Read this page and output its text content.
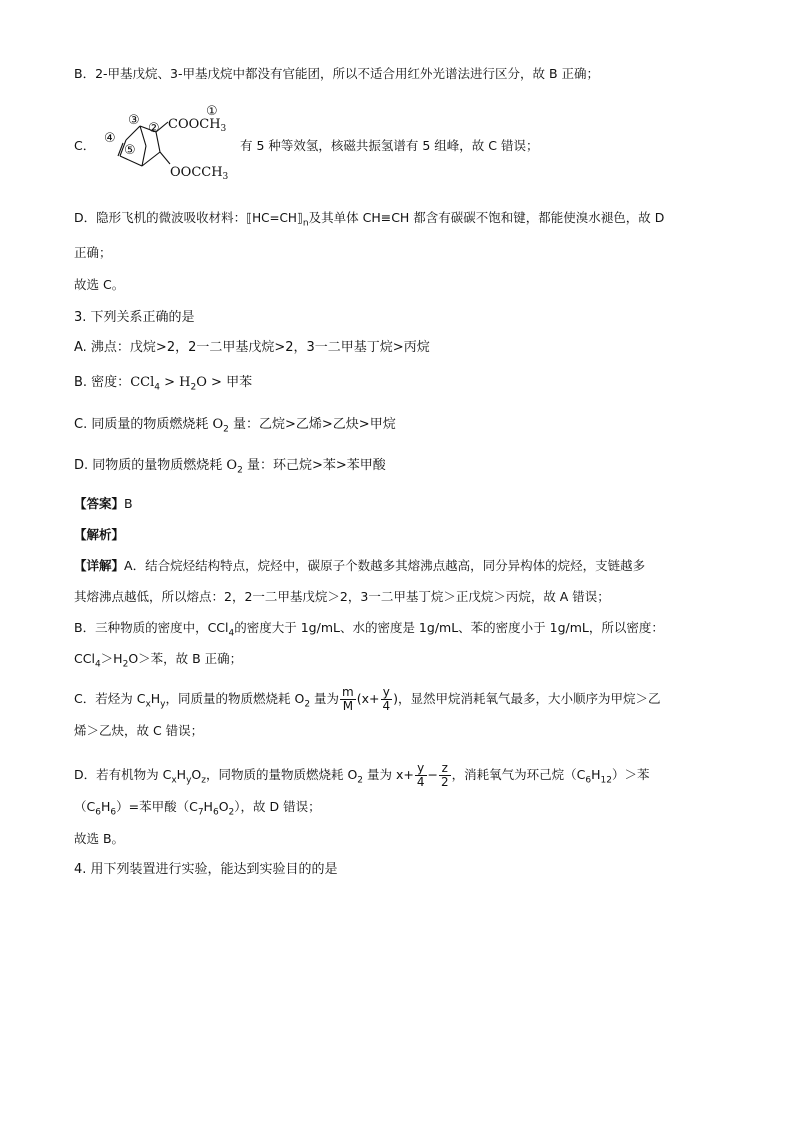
B．2-甲基戊烷、3-甲基戊烷中都没有官能团，所以不适合用红外光谱法进行区分，故 B 正确；
C．
①
②
③
④
⑤
$COOCH_3$
$OOCCH_3$
有 5 种等效氢，核磁共振氢谱有 5 组峰，故 C 错误；
D．隐形飞机的微波吸收材料：$⟦HC=CH⟧_n$及其单体 CH≡CH 都含有碳碳不饱和键，都能使溴水褪色，故 D
正确；
故选 C。
3. 下列关系正确的是
A. 沸点：戊烷>2，2一二甲基戊烷>2，3一二甲基丁烷>丙烷
B. 密度：$CCl_4 > H_2O$ > 甲苯
C. 同质量的物质燃烧耗 $O_2$ 量：乙烷>乙烯>乙炔>甲烷
D. 同物质的量物质燃烧耗 $O_2$ 量：环己烷>苯>苯甲酸
【答案】B
【解析】
【详解】A．结合烷烃结构特点，烷烃中，碳原子个数越多其熔沸点越高，同分异构体的烷烃，支链越多
其熔沸点越低，所以熔点：2，2一二甲基戊烷＞2，3一二甲基丁烷＞正戊烷＞丙烷，故 A 错误；
B．三种物质的密度中，CCl$_4$的密度大于 1g/mL、水的密度是 1g/mL、苯的密度小于 1g/mL，所以密度：
$CCl_4>H_2O>$苯，故 B 正确；
C．若烃为 $C_xH_y$，同质量的物质燃烧耗 $O_2$ 量为 $\frac{m}{M} (x+ \frac{y}{4}$ )，显然甲烷消耗氧气最多，大小顺序为甲烷＞乙
烯＞乙炔，故 C 错误；
D．若有机物为 $C_xH_yO_z$，同物质的量物质燃烧耗 $O_2$ 量为 $x+ \frac{y}{4} - \frac{z}{2}$ ，消耗氧气为环己烷$(C_6H_{12})>$苯
$(C_6H_6)=$苯甲酸$(C_7H_6O_2)$，故 D 错误；
故选 B。
4. 用下列装置进行实验，能达到实验目的的是
